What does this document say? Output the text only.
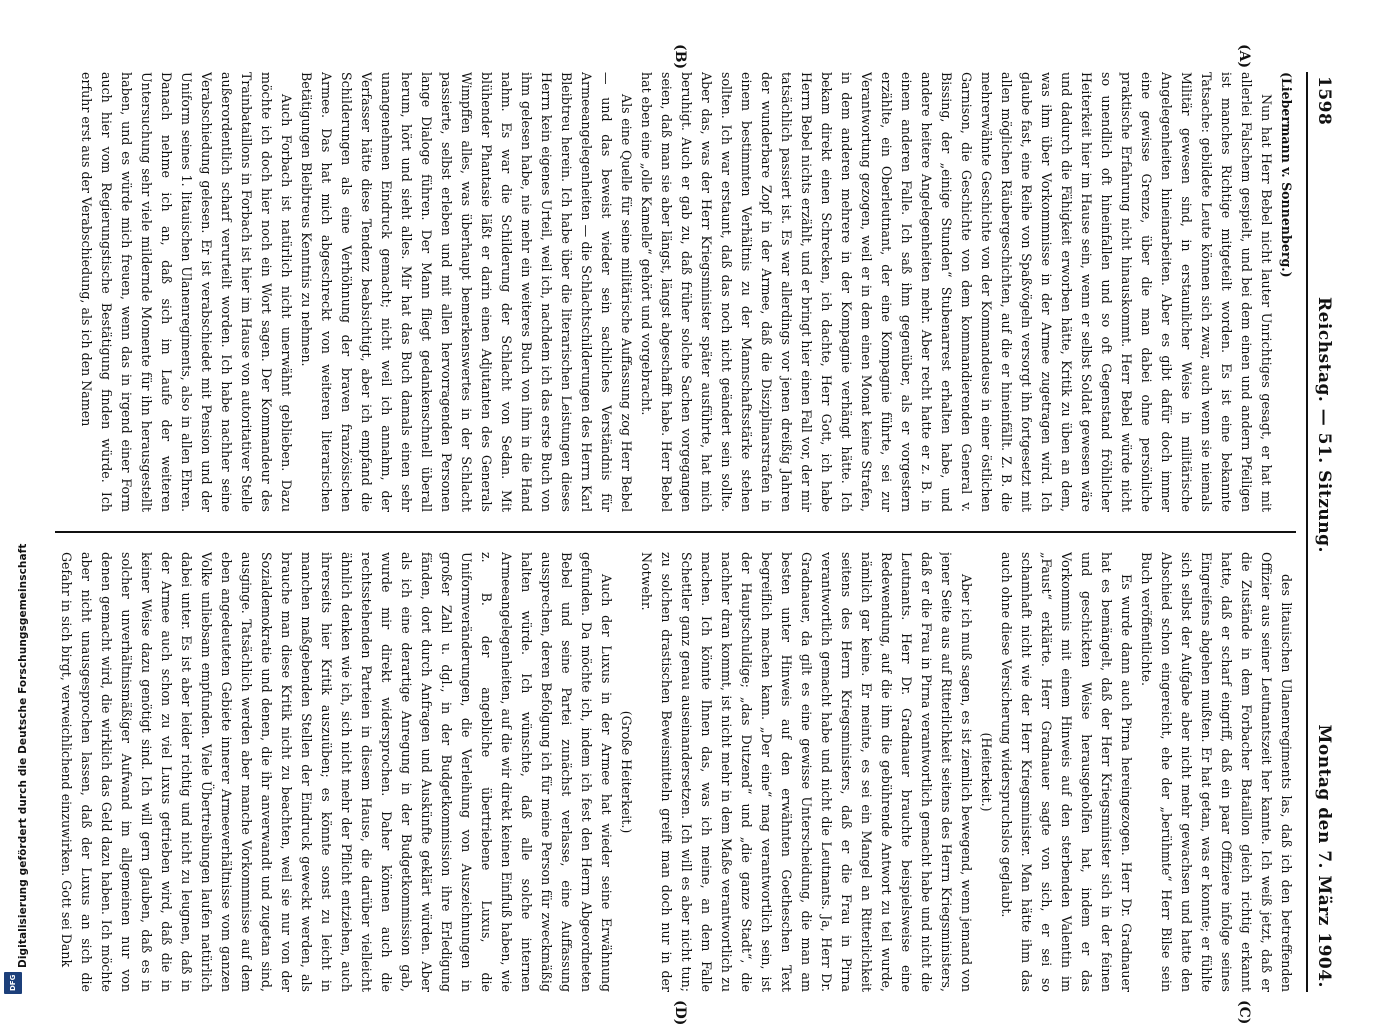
1598
Reichstag. — 51. Sitzung.
Montag den 7. März 1904.
(A)
(B)
(C)
(D)

(Liebermann v. Sonnenberg.)

Nun hat Herr Bebel nicht lauter Unrichtiges gesagt, er hat mit allerlei Falschem gespielt, und bei dem einen und andern Pfeiligen ist manches Richtige mitgeteilt worden. Es ist eine bekannte Tatsache: gebildete Leute können sich zwar, auch wenn sie niemals Militär gewesen sind, in erstaunlicher Weise in militärische Angelegenheiten hineinarbeiten. Aber es gibt dafür doch immer eine gewisse Grenze, über die man dabei ohne persönliche praktische Erfahrung nicht hinauskommt. Herr Bebel würde nicht so unendlich oft hineinfallen und so oft Gegenstand fröhlicher Heiterkeit hier im Hause sein, wenn er selbst Soldat gewesen wäre und dadurch die Fähigkeit erworben hätte, Kritik zu üben an dem, was ihm über Vorkommnisse in der Armee zugetragen wird. Ich glaube fast, eine Reihe von Spaßvögeln versorgt ihn fortgesetzt mit allen möglichen Räubergeschichten, auf die er hineinfällt. Z. B. die mehrerwähnte Geschichte von der Kommandeuse in einer östlichen Garnison, die Geschichte von dem kommandierenden General v. Bissing, der „einige Stunden“ Stubenarrest erhalten habe, und andere heitere Angelegenheiten mehr. Aber recht hatte er z. B. in einem anderen Falle. Ich saß ihm gegenüber, als er vorgestern erzählte, ein Oberleutnant, der eine Kompagnie führte, sei zur Verantwortung gezogen, weil er in dem einen Monat keine Strafen, in dem anderen mehrere in der Kompagnie verhängt hätte. Ich bekam direkt einen Schrecken, ich dachte, Herr Gott, ich habe Herrn Bebel nichts erzählt, und er bringt hier einen Fall vor, der mir tatsächlich passiert ist. Es war allerdings vor jenen dreißig Jahren der wunderbare Zopf in der Armee, daß die Disziplinarstrafen in einem bestimmten Verhältnis zu der Mannschaftsstärke stehen sollten. Ich war erstaunt, daß das noch nicht geändert sein sollte. Aber das, was der Herr Kriegsminister später ausführte, hat mich beruhigt. Auch er gab zu, daß früher solche Sachen vorgegangen seien, daß man sie aber längst, längst abgeschafft habe. Herr Bebel hat eben eine „olle Kamelle“ gehört und vorgebracht.

Als eine Quelle für seine militärische Auffassung zog Herr Bebel — und das beweist wieder sein sachliches Verständnis für Armeeangelegenheiten — die Schlachtschilderungen des Herrn Karl Bleibtreu herein. Ich habe über die literarischen Leistungen dieses Herrn kein eigenes Urteil, weil ich, nachdem ich das erste Buch von ihm gelesen habe, nie mehr ein weiteres Buch von ihm in die Hand nahm. Es war die Schilderung der Schlacht von Sedan. Mit blühender Phantasie läßt er darin einen Adjutanten des Generals Wimpffen alles, was überhaupt bemerkenswertes in der Schlacht passierte, selbst erleben und mit allen hervorragenden Personen lange Dialoge führen. Der Mann fliegt gedankenschnell überall herum, hört und sieht alles. Mir hat das Buch damals einen sehr unangenehmen Eindruck gemacht; nicht weil ich annahm, der Verfasser hätte diese Tendenz beabsichtigt, aber ich empfand die Schilderungen als eine Verhöhnung der braven französischen Armee. Das hat mich abgeschreckt von weiteren literarischen Betätigungen Bleibtreus Kenntnis zu nehmen.

Auch Forbach ist natürlich nicht unerwähnt geblieben. Dazu möchte ich doch hier noch ein Wort sagen. Der Kommandeur des Trainbataillons in Forbach ist hier im Hause von autoritativer Stelle außerordentlich scharf verurteilt worden. Ich habe nachher seine Verabschiedung gelesen. Er ist verabschiedet mit Pension und der Uniform seines 1. litauischen Ulanenregiments, also in allen Ehren. Danach nehme ich an, daß sich im Laufe der weiteren Untersuchung sehr viele mildernde Momente für ihn herausgestellt haben, und es würde mich freuen, wenn das in irgend einer Form auch hier vom Regierungstische Bestätigung finden würde. Ich erfuhr erst aus der Verabschiedung, als ich den Namen

des litauischen Ulanenregiments las, daß ich den betreffenden Offizier aus seiner Leutnantszeit her kannte. Ich weiß jetzt, daß er die Zustände in dem Forbacher Bataillon gleich richtig erkannt hatte, daß er scharf eingriff, daß ein paar Offiziere infolge seines Eingreifens abgehen mußten. Er hat getan, was er konnte; er fühlte sich selbst der Aufgabe aber nicht mehr gewachsen und hatte den Abschied schon eingereicht, ehe der „berühmte“ Herr Bilse sein Buch veröffentlichte.

Es wurde dann auch Pirna hereingezogen. Herr Dr. Gradnauer hat es bemängelt, daß der Herr Kriegsminister sich in der feinen und geschickten Weise herausgeholfen hat, indem er das Vorkommnis mit einem Hinweis auf den sterbenden Valentin im „Faust“ erklärte. Herr Gradnauer sagte von sich, er sei so schamhaft nicht wie der Herr Kriegsminister. Man hätte ihm das auch ohne diese Versicherung widerspruchslos geglaubt.

(Heiterkeit.)

Aber ich muß sagen, es ist ziemlich bewegend, wenn jemand von jener Seite aus auf Ritterlichkeit seitens des Herrn Kriegsministers, daß er die Frau in Pirna verantwortlich gemacht habe und nicht die Leutnants. Herr Dr. Gradnauer brauchte beispielsweise eine Redewendung, auf die ihm die gebührende Antwort zu teil wurde, nämlich gar keine. Er meinte, es sei ein Mangel an Ritterlichkeit seitens des Herrn Kriegsministers, daß er die Frau in Pirna verantwortlich gemacht habe und nicht die Leutnants. Ja, Herr Dr. Gradnauer, da gilt es eine gewisse Unterscheidung, die man am besten unter Hinweis auf den erwähnten Goetheschen Text begreiflich machen kann. „Der eine“ mag verantwortlich sein, ist der Hauptschuldige; „das Dutzend“ und „die ganze Stadt“, die nachher dran kommt, ist nicht mehr in dem Maße verantwortlich zu machen. Ich könnte Ihnen das, was ich meine, an dem Falle Schettler ganz genau auseinandersetzen. Ich will es aber nicht tun; zu solchen drastischen Beweismitteln greift man doch nur in der Notwehr.

(Große Heiterkeit.)

Auch der Luxus in der Armee hat wieder seine Erwähnung gefunden. Da möchte ich, indem ich fest den Herrn Abgeordneten Bebel und seine Partei zunächst verlasse, eine Auffassung aussprechen, deren Befolgung ich für meine Person für zweckmäßig halten würde. Ich wünschte, daß alle solche internen Armeeangelegenheiten, auf die wir direkt keinen Einfluß haben, wie z. B. der angebliche übertriebene Luxus, die Uniformveränderungen, die Verleihung von Auszeichnungen in großer Zahl u. dgl., in der Budgetkommission ihre Erledigung fänden, dort durch Anfragen und Auskünfte geklärt würden. Aber als ich eine derartige Anregung in der Budgetkommission gab, wurde mir direkt widersprochen. Daher können auch die rechtsstehenden Parteien in diesem Hause, die darüber vielleicht ähnlich denken wie ich, sich nicht mehr der Pflicht entziehen, auch ihrerseits hier Kritik auszuüben; es könnte sonst zu leicht in manchen maßgebenden Stellen der Eindruck geweckt werden, als brauche man diese Kritik nicht zu beachten, weil sie nur von der Sozialdemokratie und denen, die ihr anverwandt und zugetan sind, ausginge. Tatsächlich werden aber manche Vorkommnisse auf dem eben angedeuteten Gebiete innerer Armeeverhältnisse vom ganzen Volke unliebsam empfunden. Viele Übertreibungen laufen natürlich dabei unter. Es ist aber leider richtig und nicht zu leugnen, daß in der Armee auch schon zu viel Luxus getrieben wird, daß die in keiner Weise dazu genötigt sind. Ich will gern glauben, daß es in solcher unverhältnismäßiger Aufwand im allgemeinen nur von denen gemacht wird, die wirklich das Geld dazu haben. Ich möchte aber nicht unausgesprochen lassen, daß der Luxus an sich die Gefahr in sich birgt, verweichlichend einzuwirken. Gott sei Dank

Digitalisierung gefördert durch die Deutsche Forschungsgemeinschaft
DFG
